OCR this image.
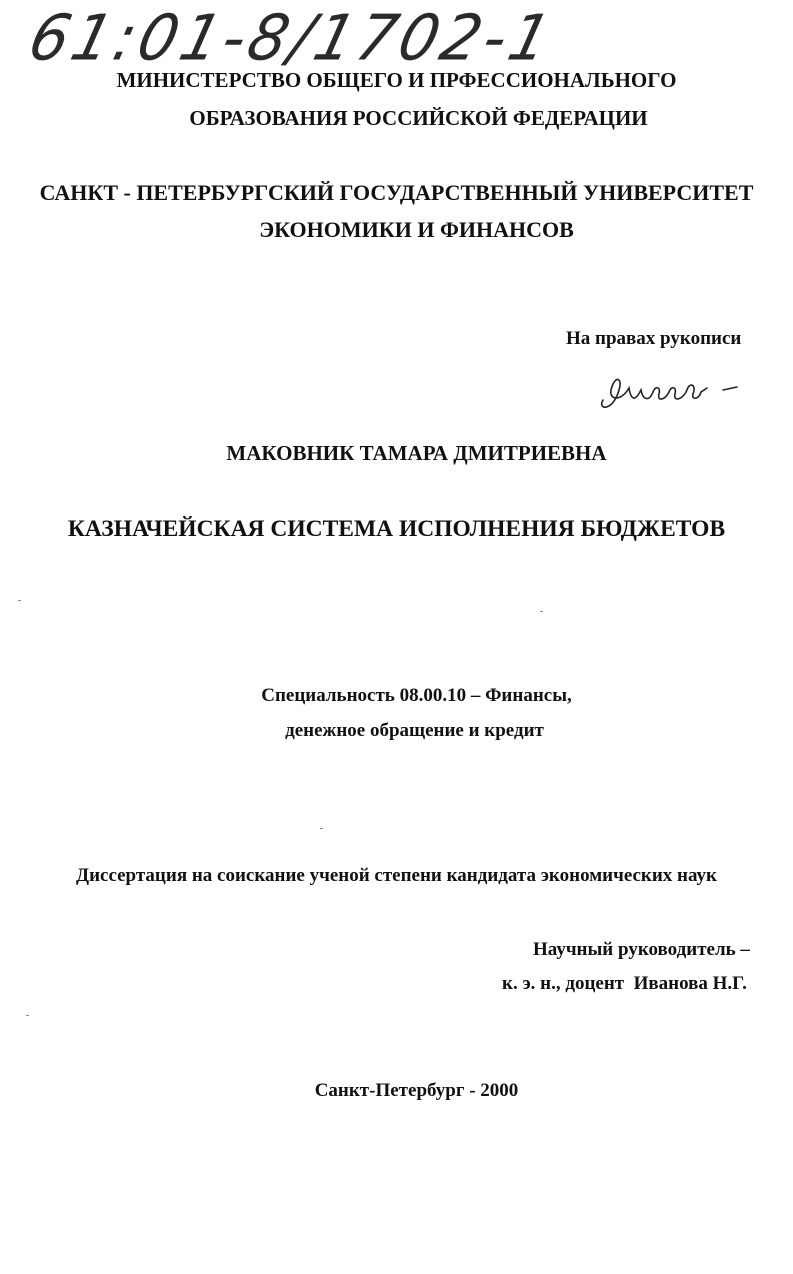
61:01-8/1702-1
МИНИСТЕРСТВО ОБЩЕГО И ПРФЕССИОНАЛЬНОГО
ОБРАЗОВАНИЯ РОССИЙСКОЙ ФЕДЕРАЦИИ
САНКТ - ПЕТЕРБУРГСКИЙ ГОСУДАРСТВЕННЫЙ УНИВЕРСИТЕТ
ЭКОНОМИКИ И ФИНАНСОВ
На правах рукописи
МАКОВНИК ТАМАРА ДМИТРИЕВНА
КАЗНАЧЕЙСКАЯ СИСТЕМА ИСПОЛНЕНИЯ БЮДЖЕТОВ
Специальность 08.00.10 – Финансы,
денежное обращение и кредит
Диссертация на соискание ученой степени кандидата экономических наук
Научный руководитель –
к. э. н., доцент  Иванова Н.Г.
Санкт-Петербург - 2000
